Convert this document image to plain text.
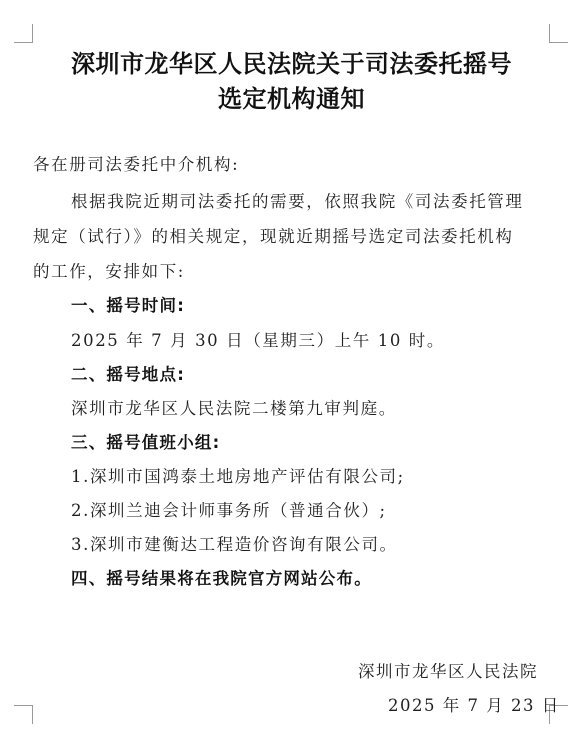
深圳市龙华区人民法院关于司法委托摇号
选定机构通知
各在册司法委托中介机构:
根据我院近期司法委托的需要，依照我院《司法委托管理
规定（试行）》的相关规定，现就近期摇号选定司法委托机构
的工作，安排如下:
一、摇号时间:
2025 年 7 月 30 日（星期三）上午 10 时。
二、摇号地点:
深圳市龙华区人民法院二楼第九审判庭。
三、摇号值班小组:
1.深圳市国鸿泰土地房地产评估有限公司;
2.深圳兰迪会计师事务所（普通合伙）;
3.深圳市建衡达工程造价咨询有限公司。
四、摇号结果将在我院官方网站公布。
深圳市龙华区人民法院
2025 年 7 月 23 日
